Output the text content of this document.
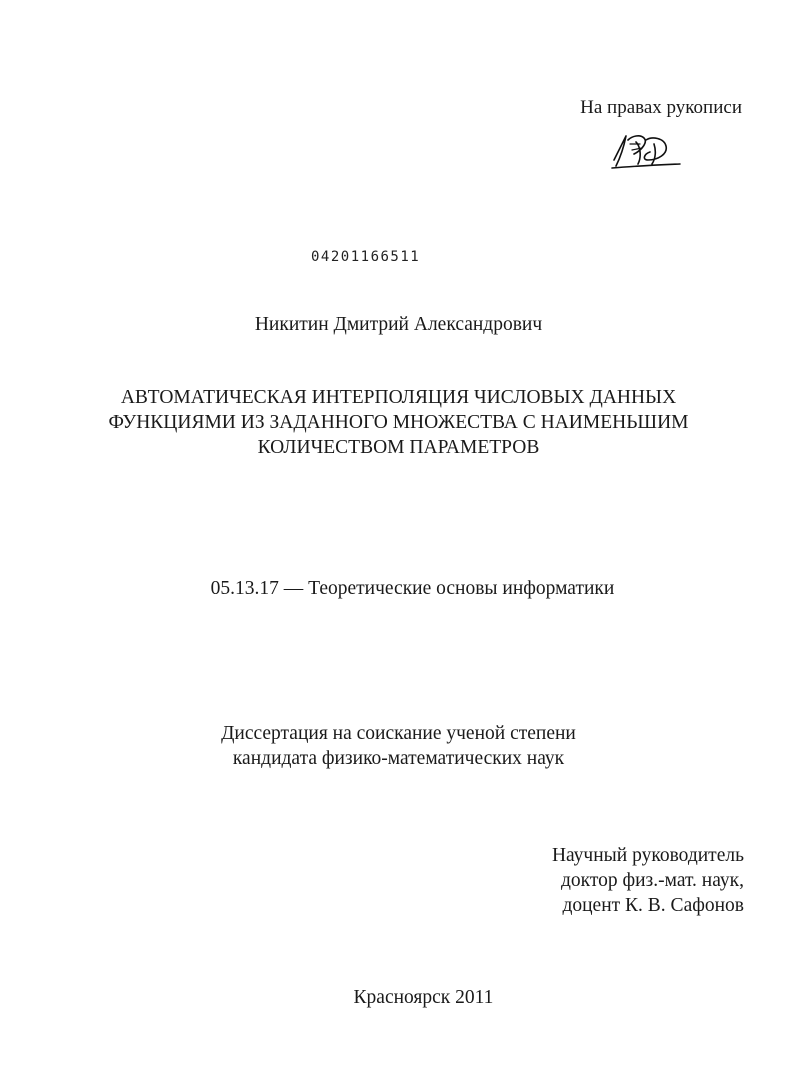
На правах рукописи
04201166511
Никитин Дмитрий Александрович
АВТОМАТИЧЕСКАЯ ИНТЕРПОЛЯЦИЯ ЧИСЛОВЫХ ДАННЫХ
ФУНКЦИЯМИ ИЗ ЗАДАННОГО МНОЖЕСТВА С НАИМЕНЬШИМ
КОЛИЧЕСТВОМ ПАРАМЕТРОВ
05.13.17 — Теоретические основы информатики
Диссертация на соискание ученой степени
кандидата физико-математических наук
Научный руководитель
доктор физ.-мат. наук,
доцент К. В. Сафонов
Красноярск 2011
